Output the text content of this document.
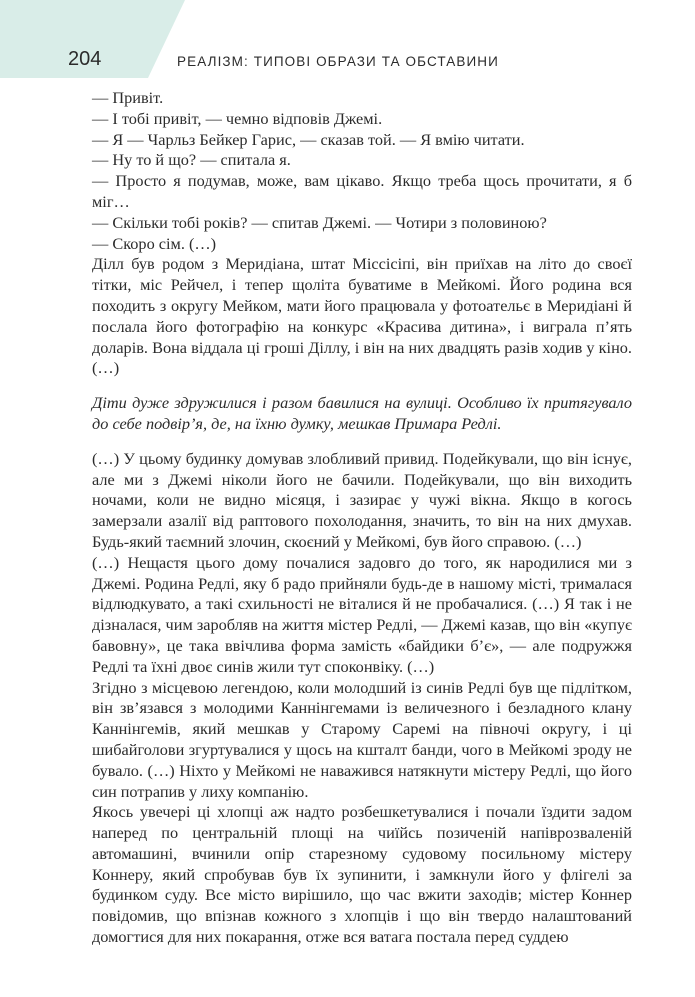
204	РЕАЛІЗМ: ТИПОВІ ОБРАЗИ ТА ОБСТАВИНИ

— Привіт.

— І тобі привіт, — чемно відповів Джемі.

— Я — Чарльз Бейкер Гарис, — сказав той. — Я вмію читати.

— Ну то й що? — спитала я.

— Просто я подумав, може, вам цікаво. Якщо треба щось прочитати, я б міг…

— Скільки тобі років? — спитав Джемі. — Чотири з половиною?

— Скоро сім. (…)

Ділл був родом з Меридіана, штат Міссісіпі, він приїхав на літо до своєї тітки, міс Рейчел, і тепер щоліта буватиме в Мейкомі. Його родина вся походить з округу Мейком, мати його працювала у фотоательє в Меридіані й послала його фотографію на конкурс «Красива дитина», і виграла п’ять доларів. Вона віддала ці гроші Діллу, і він на них двадцять разів ходив у кіно. (…)

Діти дуже здружилися і разом бавилися на вулиці. Особливо їх притягувало до себе подвір’я, де, на їхню думку, мешкав Примара Редлі.

(…) У цьому будинку домував злобливий привид. Подейкували, що він існує, але ми з Джемі ніколи його не бачили. Подейкували, що він виходить ночами, коли не видно місяця, і зазирає у чужі вікна. Якщо в когось замерзали азалії від раптового похолодання, значить, то він на них дмухав. Будь-який таємний злочин, скоєний у Мейкомі, був його справою. (…)

(…) Нещастя цього дому почалися задовго до того, як народилися ми з Джемі. Родина Редлі, яку б радо прийняли будь-де в нашому місті, трималася відлюдкувато, а такі схильності не віталися й не пробачалися. (…) Я так і не дізналася, чим заробляв на життя містер Редлі, — Джемі казав, що він «купує бавовну», це така ввічлива форма замість «байдики б’є», — але подружжя Редлі та їхні двоє синів жили тут споконвіку. (…)

Згідно з місцевою легендою, коли молодший із синів Редлі був ще підлітком, він зв’язався з молодими Каннінгемами із величезного і безладного клану Каннінгемів, який мешкав у Старому Саремі на півночі округу, і ці шибайголови згуртувалися у щось на кшталт банди, чого в Мейкомі зроду не бувало. (…) Ніхто у Мейкомі не наважився натякнути містеру Редлі, що його син потрапив у лиху компанію.

Якось увечері ці хлопці аж надто розбешкетувалися і почали їздити задом наперед по центральній площі на чиїйсь позиченій напіврозваленій автомашині, вчинили опір старезному судовому посильному містеру Коннеру, який спробував був їх зупинити, і замкнули його у флігелі за будинком суду. Все місто вирішило, що час вжити заходів; містер Коннер повідомив, що впізнав кожного з хлопців і що він твердо налаштований домогтися для них покарання, отже вся ватага постала перед суддею
